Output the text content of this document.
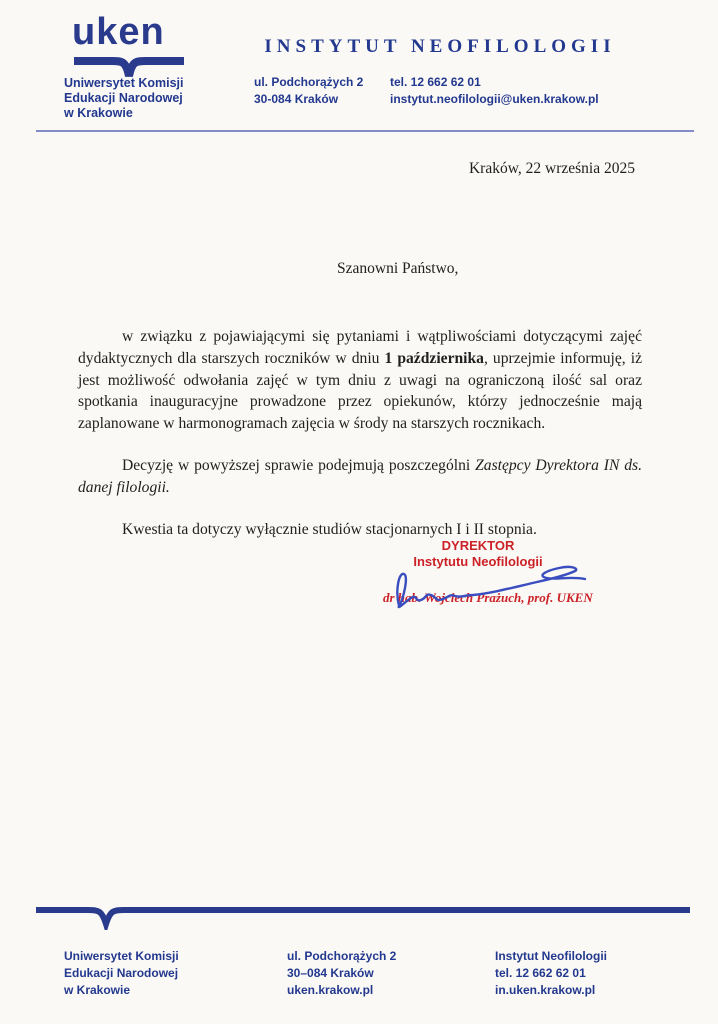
uken
Uniwersytet Komisji
Edukacji Narodowej
w Krakowie
INSTYTUT NEOFILOLOGII
ul. Podchorążych 2
30-084 Kraków
tel. 12 662 62 01
instytut.neofilologii@uken.krakow.pl
Kraków, 22 września 2025
Szanowni Państwo,

w związku z pojawiającymi się pytaniami i wątpliwościami dotyczącymi zajęć dydaktycznych dla starszych roczników w dniu 1 października, uprzejmie informuję, iż jest możliwość odwołania zajęć w tym dniu z uwagi na ograniczoną ilość sal oraz spotkania inauguracyjne prowadzone przez opiekunów, którzy jednocześnie mają zaplanowane w harmonogramach zajęcia w środy na starszych rocznikach.

Decyzję w powyższej sprawie podejmują poszczególni Zastępcy Dyrektora IN ds. danej filologii.

Kwestia ta dotyczy wyłącznie studiów stacjonarnych I i II stopnia.

DYREKTOR
Instytutu Neofilologii
dr hab. Wojciech Prażuch, prof. UKEN
Uniwersytet Komisji
Edukacji Narodowej
w Krakowie
ul. Podchorążych 2
30–084 Kraków
uken.krakow.pl
Instytut Neofilologii
tel. 12 662 62 01
in.uken.krakow.pl
